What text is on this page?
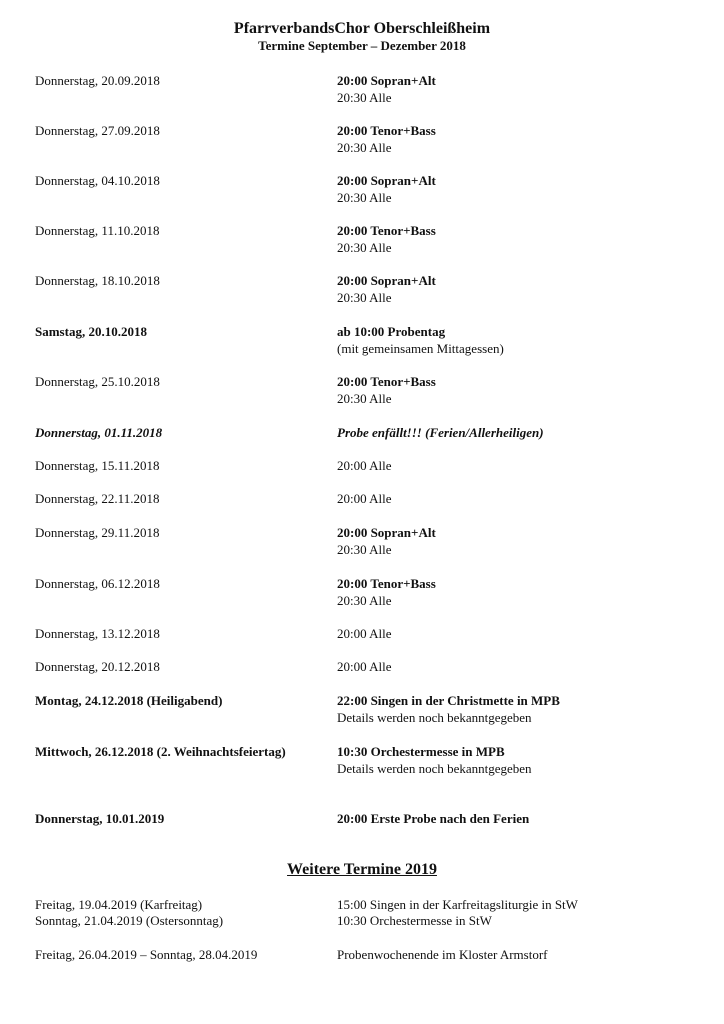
PfarrverbandsChor Oberschleißheim
Termine September – Dezember 2018
Donnerstag, 20.09.2018	20:00 Sopran+Alt
20:30 Alle
Donnerstag, 27.09.2018	20:00 Tenor+Bass
20:30 Alle
Donnerstag, 04.10.2018	20:00 Sopran+Alt
20:30 Alle
Donnerstag, 11.10.2018	20:00 Tenor+Bass
20:30 Alle
Donnerstag, 18.10.2018	20:00 Sopran+Alt
20:30 Alle
Samstag, 20.10.2018	ab 10:00 Probentag
(mit gemeinsamen Mittagessen)
Donnerstag, 25.10.2018	20:00 Tenor+Bass
20:30 Alle
Donnerstag, 01.11.2018	Probe enfällt!!! (Ferien/Allerheiligen)
Donnerstag, 15.11.2018	20:00 Alle
Donnerstag, 22.11.2018	20:00 Alle
Donnerstag, 29.11.2018	20:00 Sopran+Alt
20:30 Alle
Donnerstag, 06.12.2018	20:00 Tenor+Bass
20:30 Alle
Donnerstag, 13.12.2018	20:00 Alle
Donnerstag, 20.12.2018	20:00 Alle
Montag, 24.12.2018 (Heiligabend)	22:00 Singen in der Christmette in MPB
Details werden noch bekanntgegeben
Mittwoch, 26.12.2018 (2. Weihnachtsfeiertag)	10:30 Orchestermesse in MPB
Details werden noch bekanntgegeben
Donnerstag, 10.01.2019	20:00 Erste Probe nach den Ferien
Weitere Termine 2019
Freitag, 19.04.2019 (Karfreitag)	15:00 Singen in der Karfreitagsliturgie in StW
Sonntag, 21.04.2019 (Ostersonntag)	10:30 Orchestermesse in StW
Freitag, 26.04.2019 – Sonntag, 28.04.2019	Probenwochenende im Kloster Armstorf
